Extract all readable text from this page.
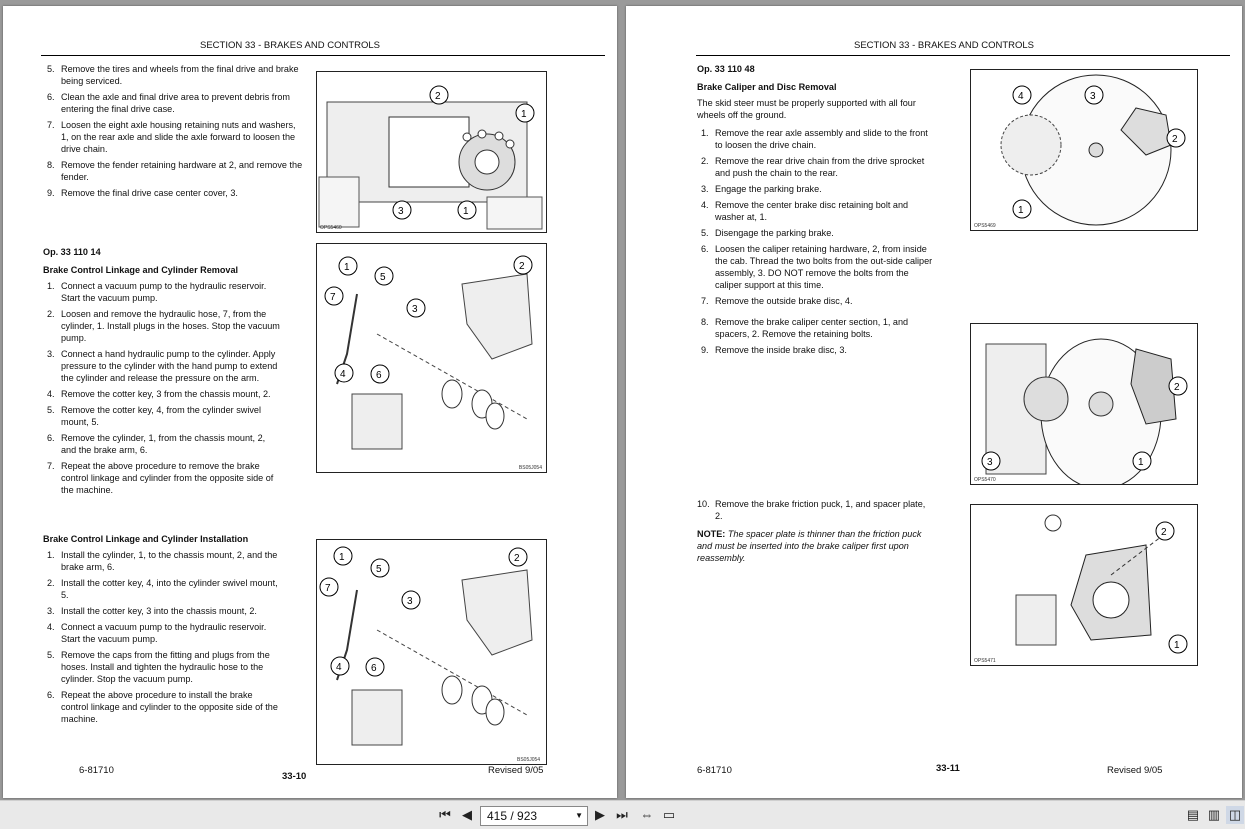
SECTION 33 - BRAKES AND CONTROLS
5. Remove the tires and wheels from the final drive and brake being serviced.
6. Clean the axle and final drive area to prevent debris from entering the final drive case.
7. Loosen the eight axle housing retaining nuts and washers, 1, on the rear axle and slide the axle forward to loosen the drive chain.
8. Remove the fender retaining hardware at 2, and remove the fender.
9. Remove the final drive case center cover, 3.
Op. 33 110 14
Brake Control Linkage and Cylinder Removal
1. Connect a vacuum pump to the hydraulic reservoir. Start the vacuum pump.
2. Loosen and remove the hydraulic hose, 7, from the cylinder, 1. Install plugs in the hoses. Stop the vacuum pump.
3. Connect a hand hydraulic pump to the cylinder. Apply pressure to the cylinder with the hand pump to extend the cylinder and release the pressure on the arm.
4. Remove the cotter key, 3 from the chassis mount, 2.
5. Remove the cotter key, 4, from the cylinder swivel mount, 5.
6. Remove the cylinder, 1, from the chassis mount, 2, and the brake arm, 6.
7. Repeat the above procedure to remove the brake control linkage and cylinder from the opposite side of the machine.
Brake Control Linkage and Cylinder Installation
1. Install the cylinder, 1, to the chassis mount, 2, and the brake arm, 6.
2. Install the cotter key, 4, into the cylinder swivel mount, 5.
3. Install the cotter key, 3 into the chassis mount, 2.
4. Connect a vacuum pump to the hydraulic reservoir. Start the vacuum pump.
5. Remove the caps from the fitting and plugs from the hoses. Install and tighten the hydraulic hose to the cylinder. Stop the vacuum pump.
6. Repeat the above procedure to install the brake control linkage and cylinder to the opposite side of the machine.
2
1
3	1
OPS5460
1
5
7
3
4	6
2
BS05J054
1
5
7
3
4	6
2
BS05J054
6-81710
33-10
Revised 9/05
SECTION 33 - BRAKES AND CONTROLS
Op. 33 110 48
Brake Caliper and Disc Removal

The skid steer must be properly supported with all four wheels off the ground.

1. Remove the rear axle assembly and slide to the front to loosen the drive chain.
2. Remove the rear drive chain from the drive sprocket and push the chain to the rear.
3. Engage the parking brake.
4. Remove the center brake disc retaining bolt and washer at, 1.
5. Disengage the parking brake.
6. Loosen the caliper retaining hardware, 2, from inside the cab. Thread the two bolts from the out-side caliper assembly, 3. DO NOT remove the bolts from the caliper support at this time.
7. Remove the outside brake disc, 4.
8. Remove the brake caliper center section, 1, and spacers, 2. Remove the retaining bolts.
9. Remove the inside brake disc, 3.
10. Remove the brake friction puck, 1, and spacer plate, 2.
NOTE: The spacer plate is thinner than the friction puck and must be inserted into the brake caliper first upon reassembly.
4	3
2
1
OPS5469
2
3	1
OPS5470
2
1
OPS5471
6-81710	33-11	Revised 9/05
⏮ ◀	415 / 923	▼ ▶ ⏭ ⇔ ▭	▤ ▥ ◫
